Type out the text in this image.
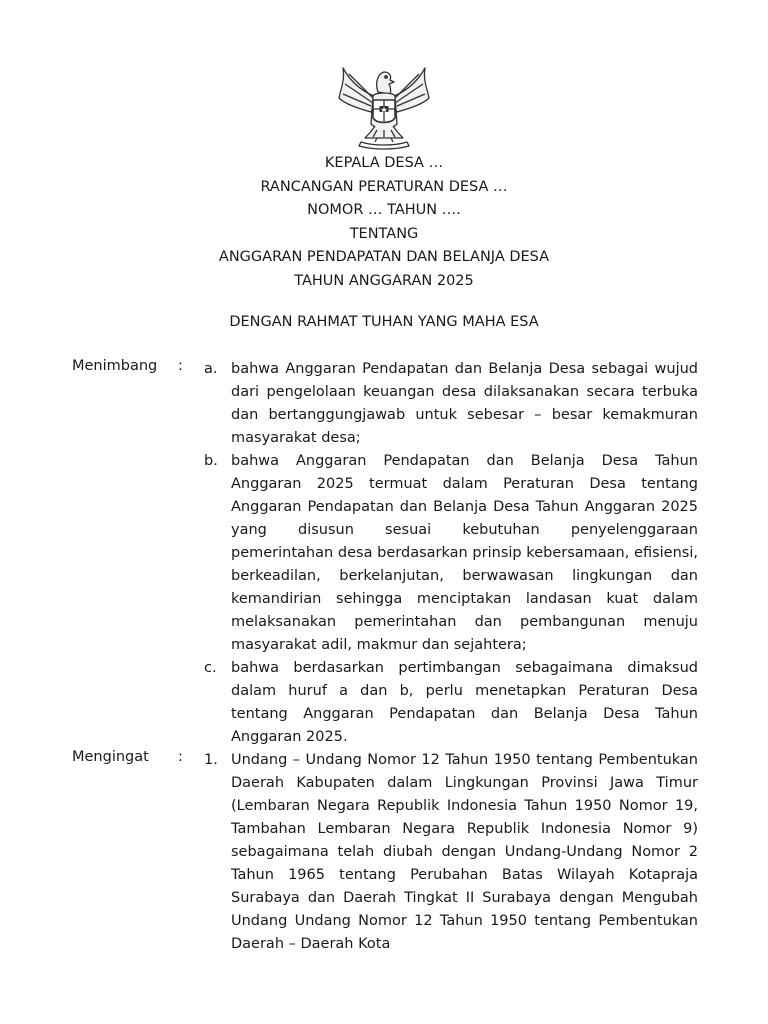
KEPALA DESA …
RANCANGAN PERATURAN DESA …
NOMOR … TAHUN ….
TENTANG
ANGGARAN PENDAPATAN DAN BELANJA DESA
TAHUN ANGGARAN 2025
DENGAN RAHMAT TUHAN YANG MAHA ESA
Menimbang	: a. bahwa Anggaran Pendapatan dan Belanja Desa sebagai wujud dari pengelolaan keuangan desa dilaksanakan secara terbuka dan bertanggungjawab untuk sebesar – besar kemakmuran masyarakat desa;
b. bahwa Anggaran Pendapatan dan Belanja Desa Tahun Anggaran 2025 termuat dalam Peraturan Desa tentang Anggaran Pendapatan dan Belanja Desa Tahun Anggaran 2025 yang disusun sesuai kebutuhan penyelenggaraan pemerintahan desa berdasarkan prinsip kebersamaan, efisiensi, berkeadilan, berkelanjutan, berwawasan lingkungan dan kemandirian sehingga menciptakan landasan kuat dalam melaksanakan pemerintahan dan pembangunan menuju masyarakat adil, makmur dan sejahtera;
c. bahwa berdasarkan pertimbangan sebagaimana dimaksud dalam huruf a dan b, perlu menetapkan Peraturan Desa tentang Anggaran Pendapatan dan Belanja Desa Tahun Anggaran 2025.
Mengingat	: 1. Undang – Undang Nomor 12 Tahun 1950 tentang Pembentukan Daerah Kabupaten dalam Lingkungan Provinsi Jawa Timur (Lembaran Negara Republik Indonesia Tahun 1950 Nomor 19, Tambahan Lembaran Negara Republik Indonesia Nomor 9) sebagaimana telah diubah dengan Undang-Undang Nomor 2 Tahun 1965 tentang Perubahan Batas Wilayah Kotapraja Surabaya dan Daerah Tingkat II Surabaya dengan Mengubah Undang Undang Nomor 12 Tahun 1950 tentang Pembentukan Daerah – Daerah Kota
